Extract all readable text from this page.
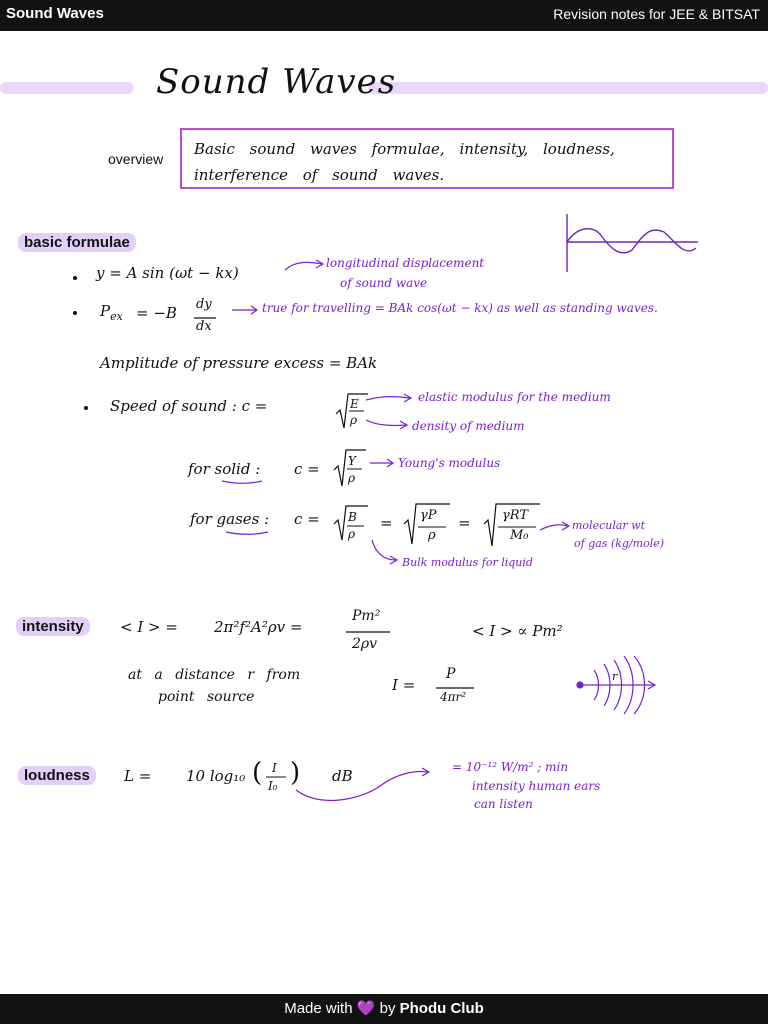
Sound Waves	Revision notes for JEE & BITSAT
Sound Waves
overview
Basic sound waves formulae, intensity, loudness, interference of sound waves.
basic formulae
y = A sin (ωt − kx)
longitudinal displacement
of sound wave
$P_{ex} = -B$ dy
dx
true for travelling = BAk cos(ωt − kx) as well as standing waves.
Amplitude of pressure excess = BAk
Speed of sound : c =	E
ρ
elastic modulus for the medium
density of medium
for solid : c = Y
ρ
Young's modulus
for gases : c = B
ρ
= γP
ρ
= γRT
M₀
molecular wt
of gas (kg/mole)
Bulk modulus for liquid
intensity	< I > = 2π²f²A²ρv =
Pm²
2ρv
< I > ∝ Pm²
at a distance r from
point source
I =
P
4πr²
r
loudness	L = 10 log₁₀ ( I
I₀ ) dB	= 10⁻¹² W/m² ; min
intensity human ears
can listen
Made with 💜 by Phodu Club
